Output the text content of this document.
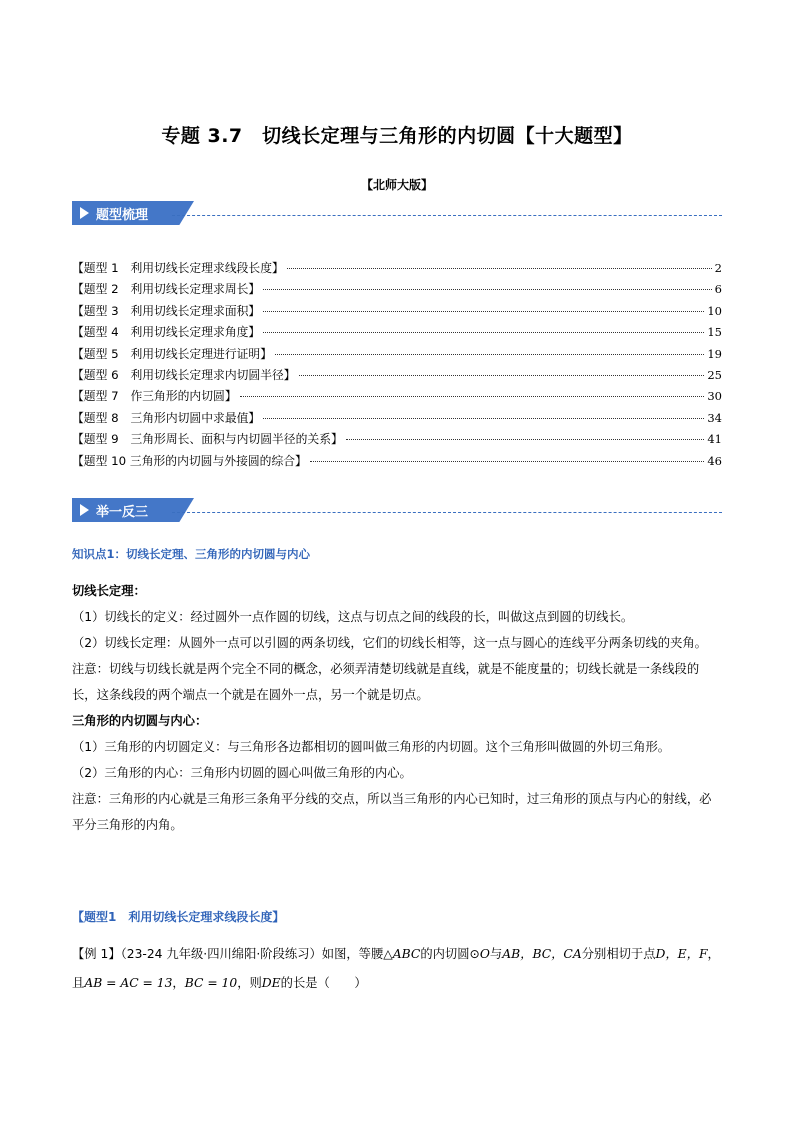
专题 3.7　切线长定理与三角形的内切圆【十大题型】
【北师大版】
题型梳理
【题型 1　利用切线长定理求线段长度】	2
【题型 2　利用切线长定理求周长】	6
【题型 3　利用切线长定理求面积】	10
【题型 4　利用切线长定理求角度】	15
【题型 5　利用切线长定理进行证明】	19
【题型 6　利用切线长定理求内切圆半径】	25
【题型 7　作三角形的内切圆】	30
【题型 8　三角形内切圆中求最值】	34
【题型 9　三角形周长、面积与内切圆半径的关系】	41
【题型 10 三角形的内切圆与外接圆的综合】	46
举一反三
知识点1：切线长定理、三角形的内切圆与内心
切线长定理：
（1）切线长的定义：经过圆外一点作圆的切线，这点与切点之间的线段的长，叫做这点到圆的切线长。
（2）切线长定理：从圆外一点可以引圆的两条切线，它们的切线长相等，这一点与圆心的连线平分两条切线的夹角。
注意：切线与切线长就是两个完全不同的概念，必须弄清楚切线就是直线，就是不能度量的；切线长就是一条线段的长，这条线段的两个端点一个就是在圆外一点，另一个就是切点。
三角形的内切圆与内心：
（1）三角形的内切圆定义：与三角形各边都相切的圆叫做三角形的内切圆。这个三角形叫做圆的外切三角形。
（2）三角形的内心：三角形内切圆的圆心叫做三角形的内心。
注意：三角形的内心就是三角形三条角平分线的交点，所以当三角形的内心已知时，过三角形的顶点与内心的射线，必平分三角形的内角。
【题型1　利用切线长定理求线段长度】
【例 1】（23-24 九年级·四川绵阳·阶段练习）如图，等腰△ABC的内切圆⊙O与AB，BC，CA分别相切于点D，E，F，且AB = AC = 13，BC = 10，则DE的长是（　　）
